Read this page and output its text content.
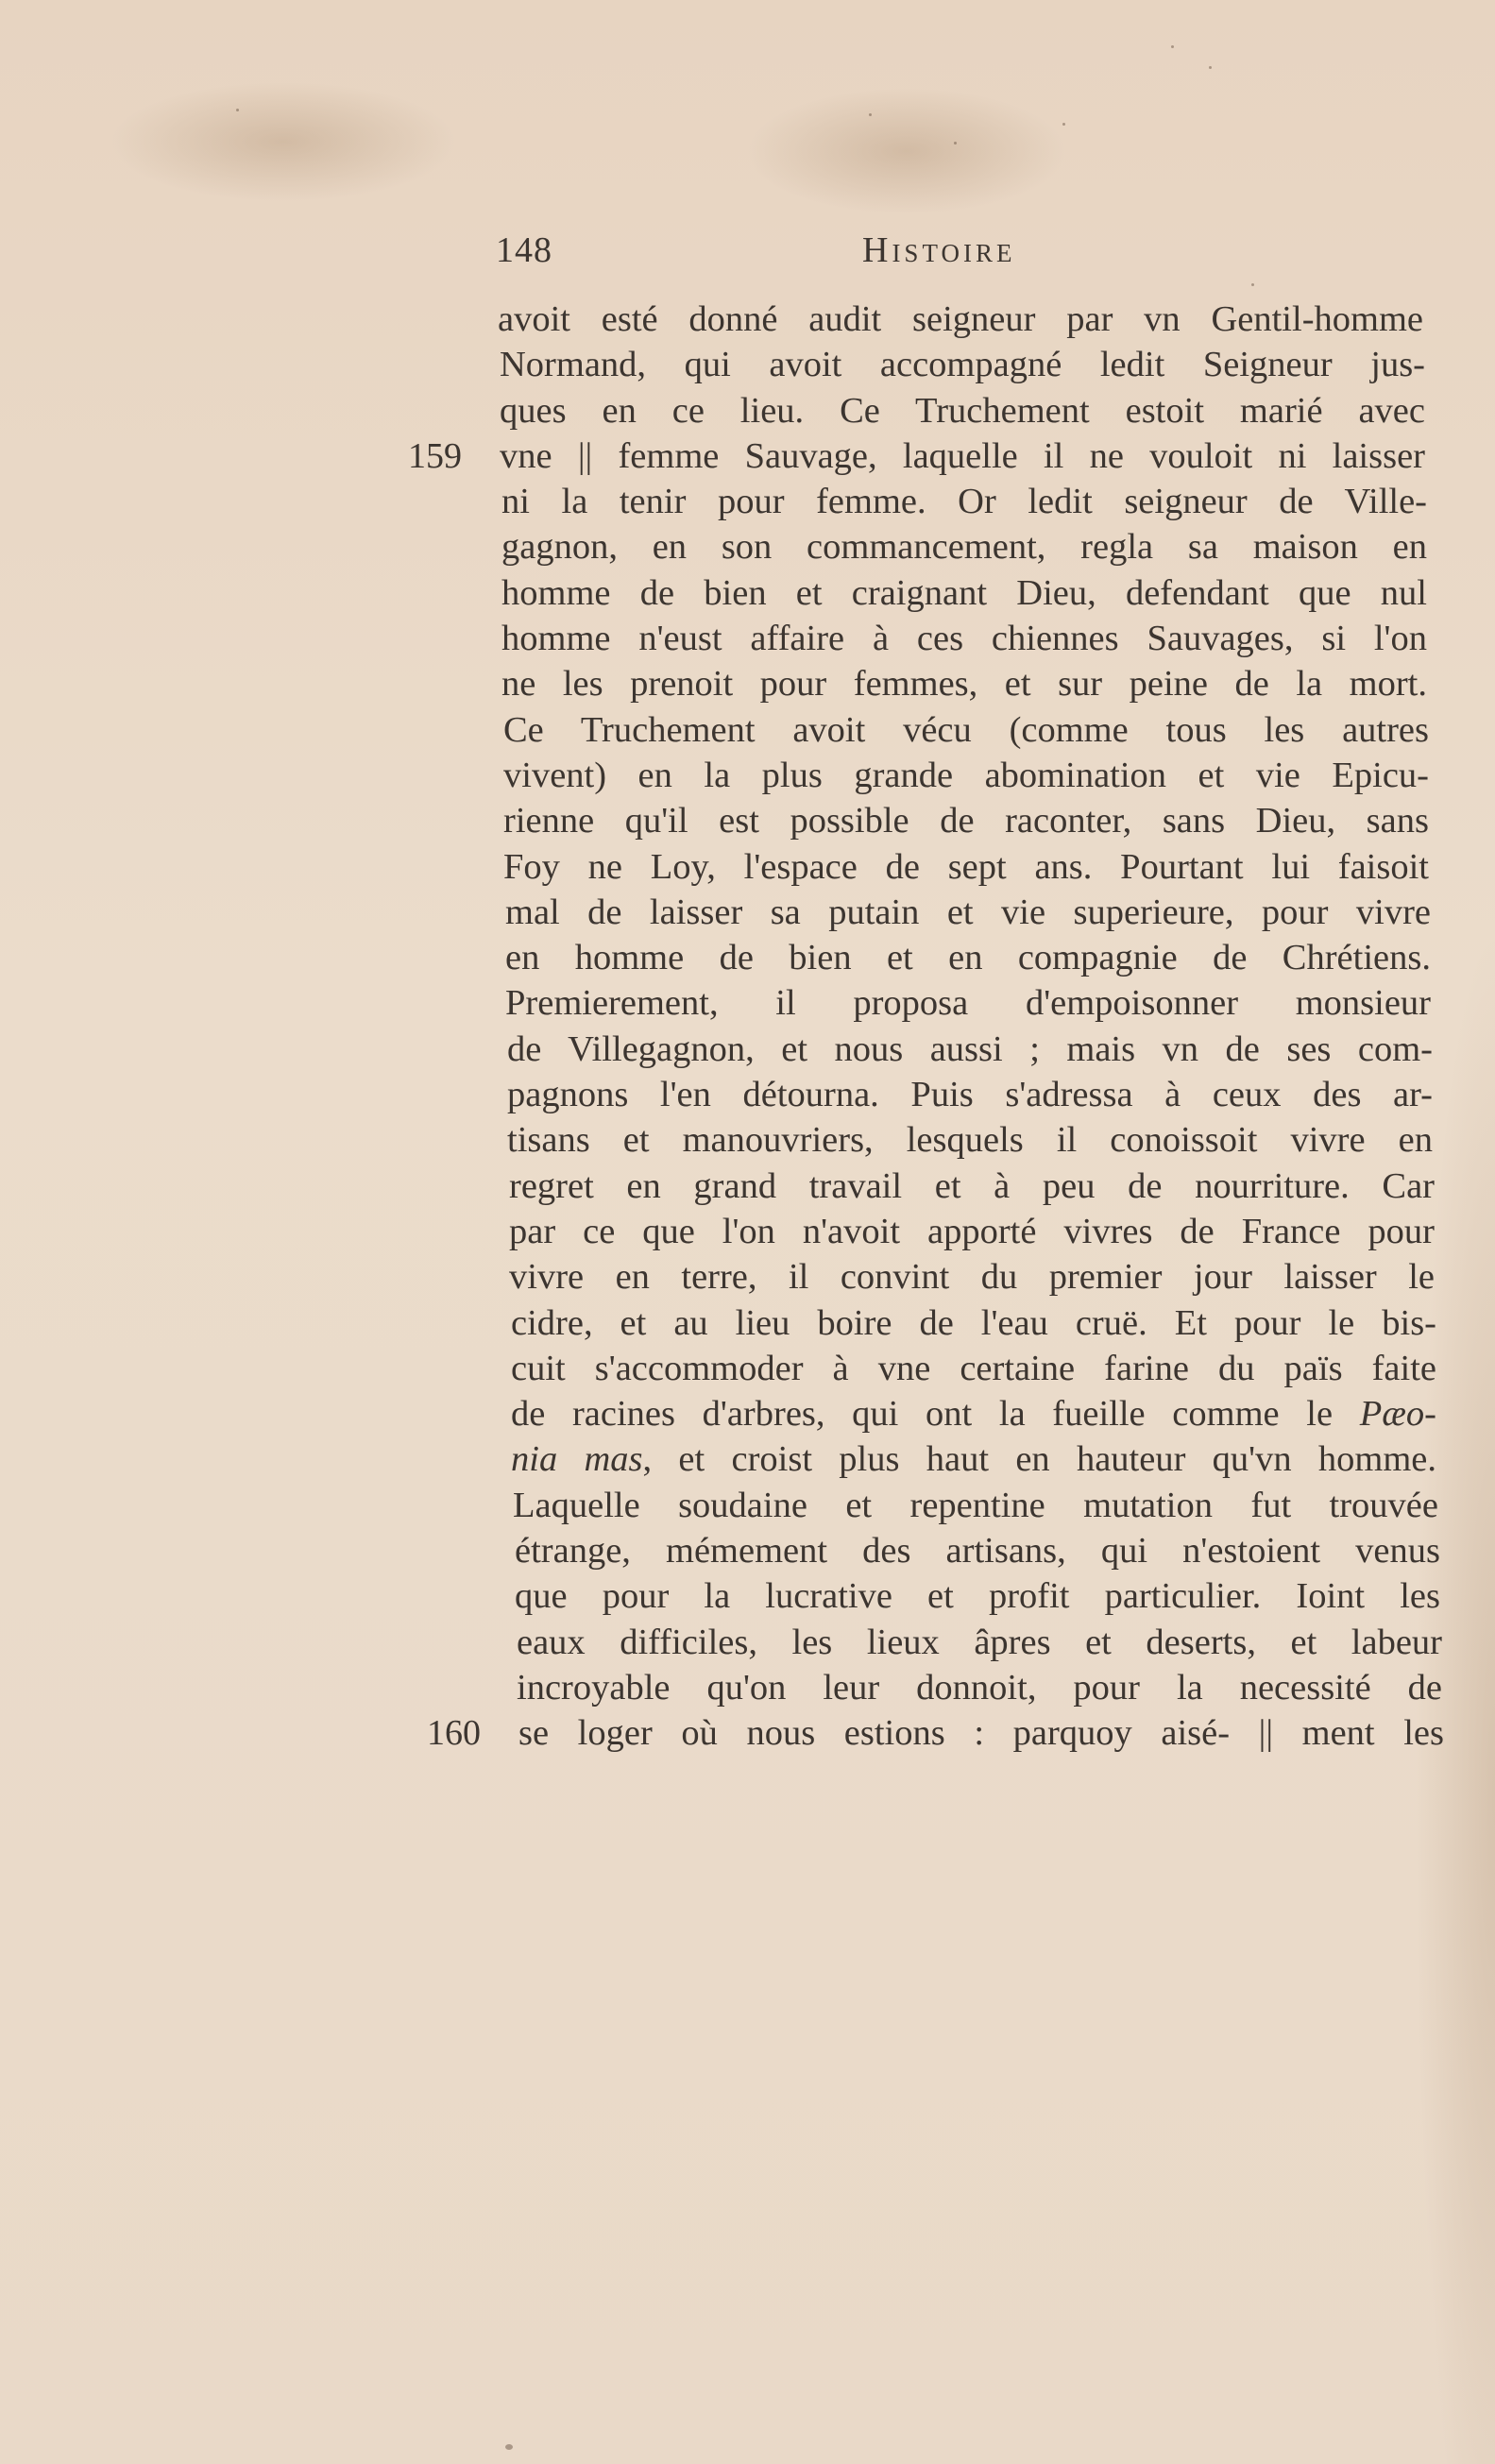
148	Histoire
avoit esté donné audit seigneur par vn Gentil-homme
Normand, qui avoit accompagné ledit Seigneur jus-
ques en ce lieu. Ce Truchement estoit marié avec
159	vne || femme Sauvage, laquelle il ne vouloit ni laisser
ni la tenir pour femme. Or ledit seigneur de Ville-
gagnon, en son commancement, regla sa maison en
homme de bien et craignant Dieu, defendant que nul
homme n'eust affaire à ces chiennes Sauvages, si l'on
ne les prenoit pour femmes, et sur peine de la mort.
Ce Truchement avoit vécu (comme tous les autres
vivent) en la plus grande abomination et vie Epicu-
rienne qu'il est possible de raconter, sans Dieu, sans
Foy ne Loy, l'espace de sept ans. Pourtant lui faisoit
mal de laisser sa putain et vie superieure, pour vivre
en homme de bien et en compagnie de Chrétiens.
Premierement, il proposa d'empoisonner monsieur
de Villegagnon, et nous aussi ; mais vn de ses com-
pagnons l'en détourna. Puis s'adressa à ceux des ar-
tisans et manouvriers, lesquels il conoissoit vivre en
regret en grand travail et à peu de nourriture. Car
par ce que l'on n'avoit apporté vivres de France pour
vivre en terre, il convint du premier jour laisser le
cidre, et au lieu boire de l'eau cruë. Et pour le bis-
cuit s'accommoder à vne certaine farine du païs faite
de racines d'arbres, qui ont la fueille comme le Pæo-
nia mas, et croist plus haut en hauteur qu'vn homme.
Laquelle soudaine et repentine mutation fut trouvée
étrange, mémement des artisans, qui n'estoient venus
que pour la lucrative et profit particulier. Ioint les
eaux difficiles, les lieux âpres et deserts, et labeur
incroyable qu'on leur donnoit, pour la necessité de
160	se loger où nous estions : parquoy aisé- || ment les
